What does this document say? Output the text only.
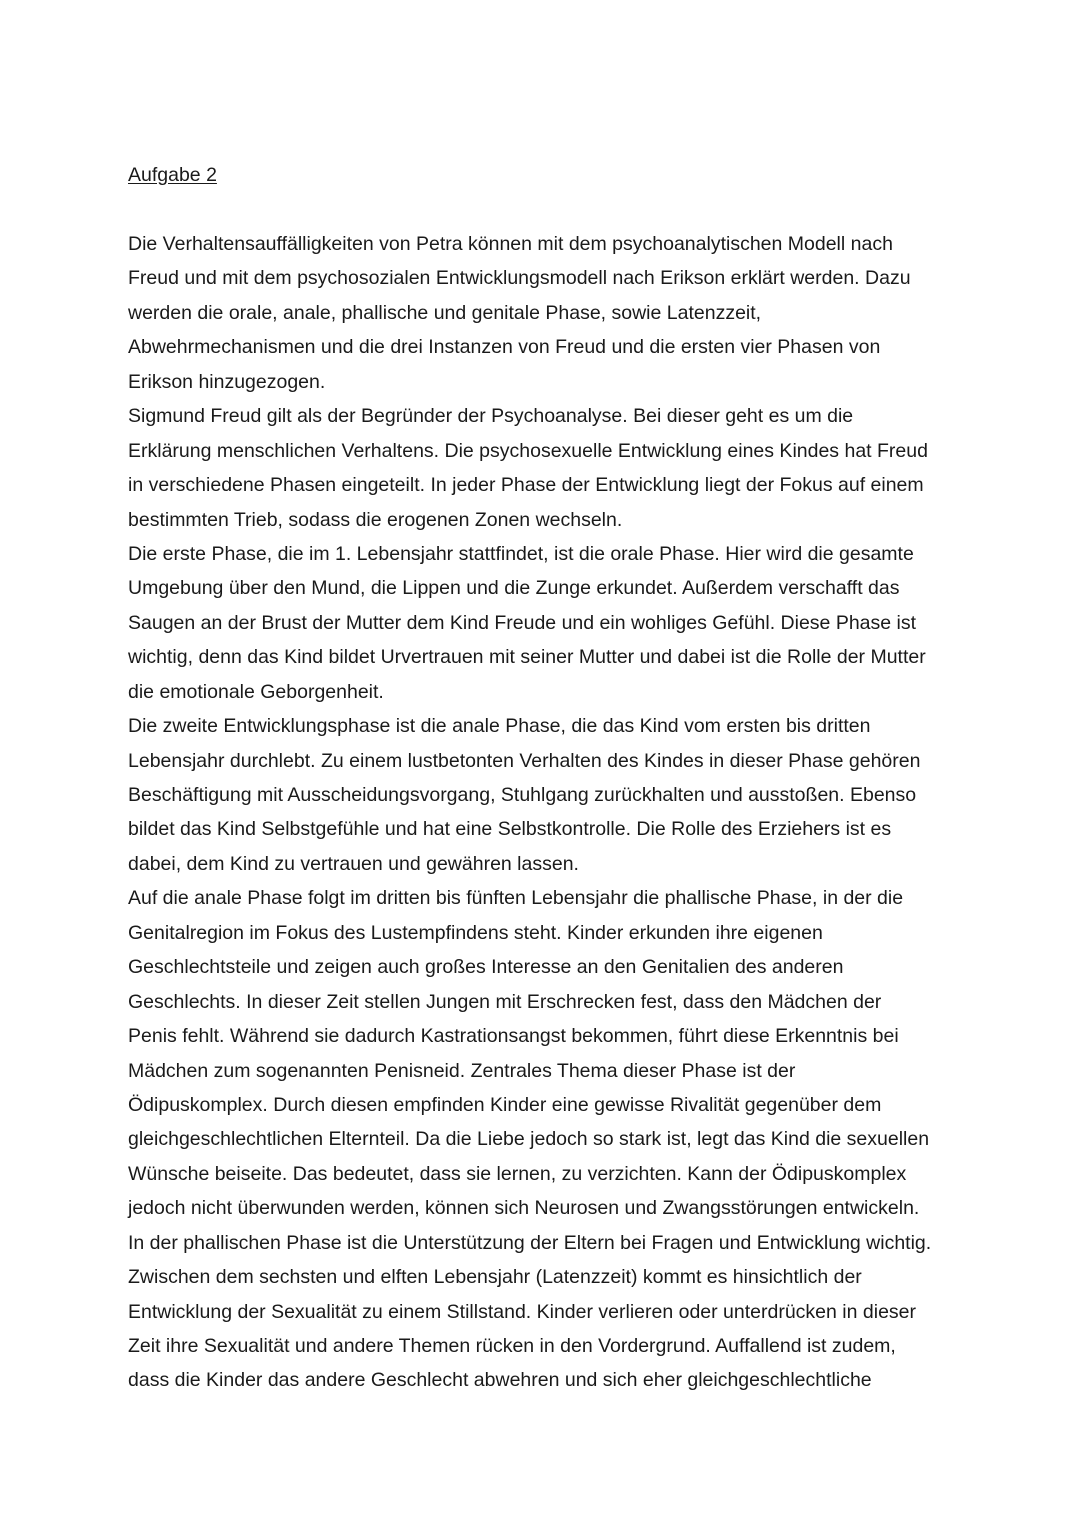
Aufgabe 2
Die Verhaltensauffälligkeiten von Petra können mit dem psychoanalytischen Modell nach
Freud und mit dem psychosozialen Entwicklungsmodell nach Erikson erklärt werden. Dazu
werden die orale, anale, phallische und genitale Phase, sowie Latenzzeit,
Abwehrmechanismen und die drei Instanzen von Freud und die ersten vier Phasen von
Erikson hinzugezogen.
Sigmund Freud gilt als der Begründer der Psychoanalyse. Bei dieser geht es um die
Erklärung menschlichen Verhaltens. Die psychosexuelle Entwicklung eines Kindes hat Freud
in verschiedene Phasen eingeteilt. In jeder Phase der Entwicklung liegt der Fokus auf einem
bestimmten Trieb, sodass die erogenen Zonen wechseln.
Die erste Phase, die im 1. Lebensjahr stattfindet, ist die orale Phase. Hier wird die gesamte
Umgebung über den Mund, die Lippen und die Zunge erkundet. Außerdem verschafft das
Saugen an der Brust der Mutter dem Kind Freude und ein wohliges Gefühl. Diese Phase ist
wichtig, denn das Kind bildet Urvertrauen mit seiner Mutter und dabei ist die Rolle der Mutter
die emotionale Geborgenheit.
Die zweite Entwicklungsphase ist die anale Phase, die das Kind vom ersten bis dritten
Lebensjahr durchlebt. Zu einem lustbetonten Verhalten des Kindes in dieser Phase gehören
Beschäftigung mit Ausscheidungsvorgang, Stuhlgang zurückhalten und ausstoßen. Ebenso
bildet das Kind Selbstgefühle und hat eine Selbstkontrolle. Die Rolle des Erziehers ist es
dabei, dem Kind zu vertrauen und gewähren lassen.
Auf die anale Phase folgt im dritten bis fünften Lebensjahr die phallische Phase, in der die
Genitalregion im Fokus des Lustempfindens steht. Kinder erkunden ihre eigenen
Geschlechtsteile und zeigen auch großes Interesse an den Genitalien des anderen
Geschlechts. In dieser Zeit stellen Jungen mit Erschrecken fest, dass den Mädchen der
Penis fehlt. Während sie dadurch Kastrationsangst bekommen, führt diese Erkenntnis bei
Mädchen zum sogenannten Penisneid. Zentrales Thema dieser Phase ist der
Ödipuskomplex. Durch diesen empfinden Kinder eine gewisse Rivalität gegenüber dem
gleichgeschlechtlichen Elternteil. Da die Liebe jedoch so stark ist, legt das Kind die sexuellen
Wünsche beiseite. Das bedeutet, dass sie lernen, zu verzichten. Kann der Ödipuskomplex
jedoch nicht überwunden werden, können sich Neurosen und Zwangsstörungen entwickeln.
In der phallischen Phase ist die Unterstützung der Eltern bei Fragen und Entwicklung wichtig.
Zwischen dem sechsten und elften Lebensjahr (Latenzzeit) kommt es hinsichtlich der
Entwicklung der Sexualität zu einem Stillstand. Kinder verlieren oder unterdrücken in dieser
Zeit ihre Sexualität und andere Themen rücken in den Vordergrund. Auffallend ist zudem,
dass die Kinder das andere Geschlecht abwehren und sich eher gleichgeschlechtliche
